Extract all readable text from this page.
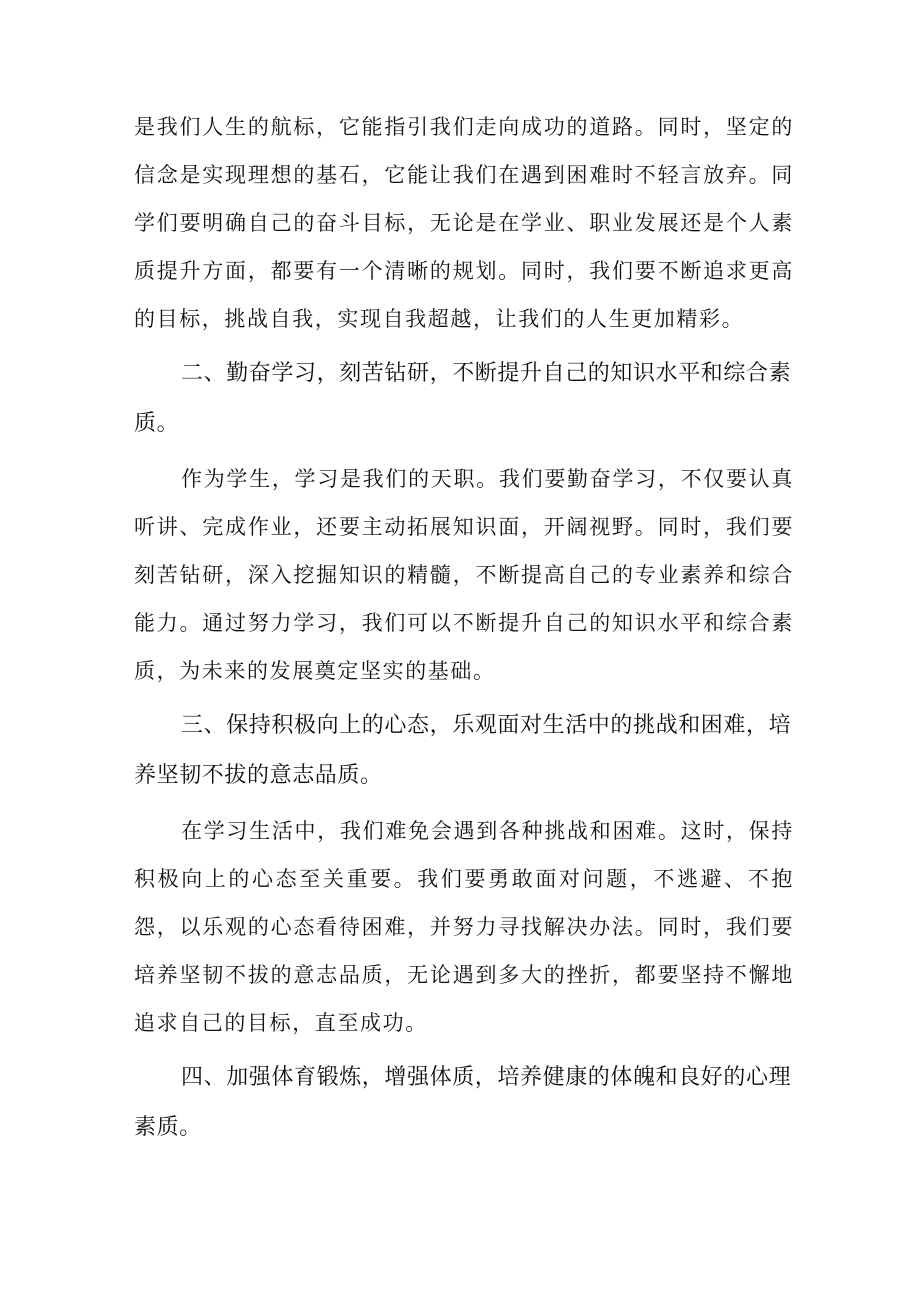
是我们人生的航标，它能指引我们走向成功的道路。同时，坚定的信念是实现理想的基石，它能让我们在遇到困难时不轻言放弃。同学们要明确自己的奋斗目标，无论是在学业、职业发展还是个人素质提升方面，都要有一个清晰的规划。同时，我们要不断追求更高的目标，挑战自我，实现自我超越，让我们的人生更加精彩。

二、勤奋学习，刻苦钻研，不断提升自己的知识水平和综合素质。

作为学生，学习是我们的天职。我们要勤奋学习，不仅要认真听讲、完成作业，还要主动拓展知识面，开阔视野。同时，我们要刻苦钻研，深入挖掘知识的精髓，不断提高自己的专业素养和综合能力。通过努力学习，我们可以不断提升自己的知识水平和综合素质，为未来的发展奠定坚实的基础。

三、保持积极向上的心态，乐观面对生活中的挑战和困难，培养坚韧不拔的意志品质。

在学习生活中，我们难免会遇到各种挑战和困难。这时，保持积极向上的心态至关重要。我们要勇敢面对问题，不逃避、不抱怨，以乐观的心态看待困难，并努力寻找解决办法。同时，我们要培养坚韧不拔的意志品质，无论遇到多大的挫折，都要坚持不懈地追求自己的目标，直至成功。

四、加强体育锻炼，增强体质，培养健康的体魄和良好的心理素质。
